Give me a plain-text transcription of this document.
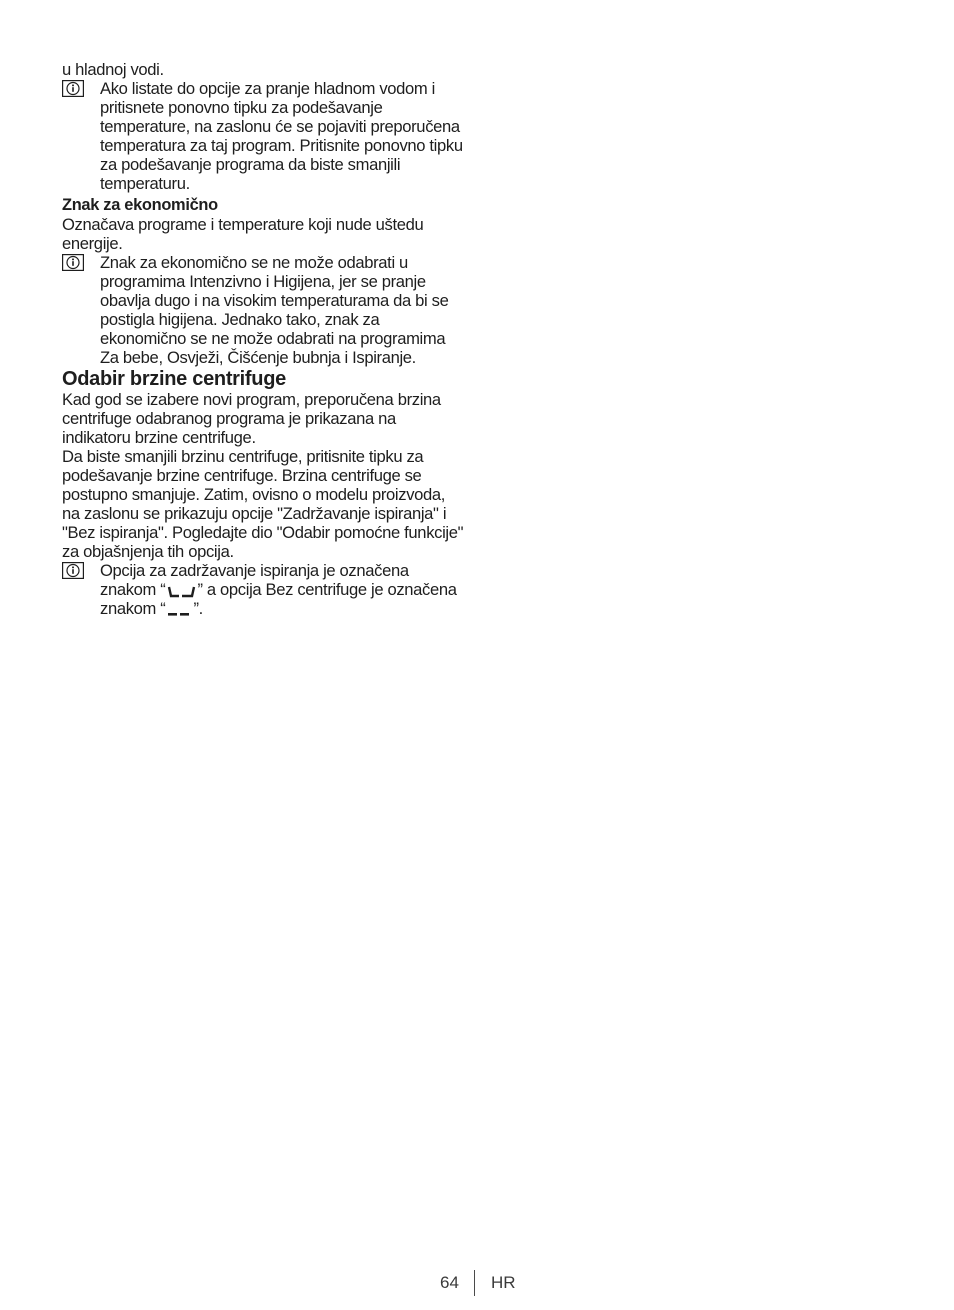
u hladnoj vodi.

Ako listate do opcije za pranje hladnom vodom i pritisnete ponovno tipku za podešavanje temperature, na zaslonu će se pojaviti preporučena temperatura za taj program. Pritisnite ponovno tipku za podešavanje programa da biste smanjili temperaturu.

Znak za ekonomično

Označava programe i temperature koji nude uštedu energije.

Znak za ekonomično se ne može odabrati u programima Intenzivno i Higijena, jer se pranje obavlja dugo i na visokim temperaturama da bi se postigla higijena. Jednako tako, znak za ekonomično se ne može odabrati na programima Za bebe, Osvježi, Čišćenje bubnja i Ispiranje.

Odabir brzine centrifuge

Kad god se izabere novi program, preporučena brzina centrifuge odabranog programa je prikazana na indikatoru brzine centrifuge.

Da biste smanjili brzinu centrifuge, pritisnite tipku za podešavanje brzine centrifuge. Brzina centrifuge se postupno smanjuje. Zatim, ovisno o modelu proizvoda, na zaslonu se prikazuju opcije "Zadržavanje ispiranja" i "Bez ispiranja". Pogledajte dio "Odabir pomoćne funkcije" za objašnjenja tih opcija.

Opcija za zadržavanje ispiranja je označena znakom “ ” a opcija Bez centrifuge je označena znakom “ ”.
64 HR
